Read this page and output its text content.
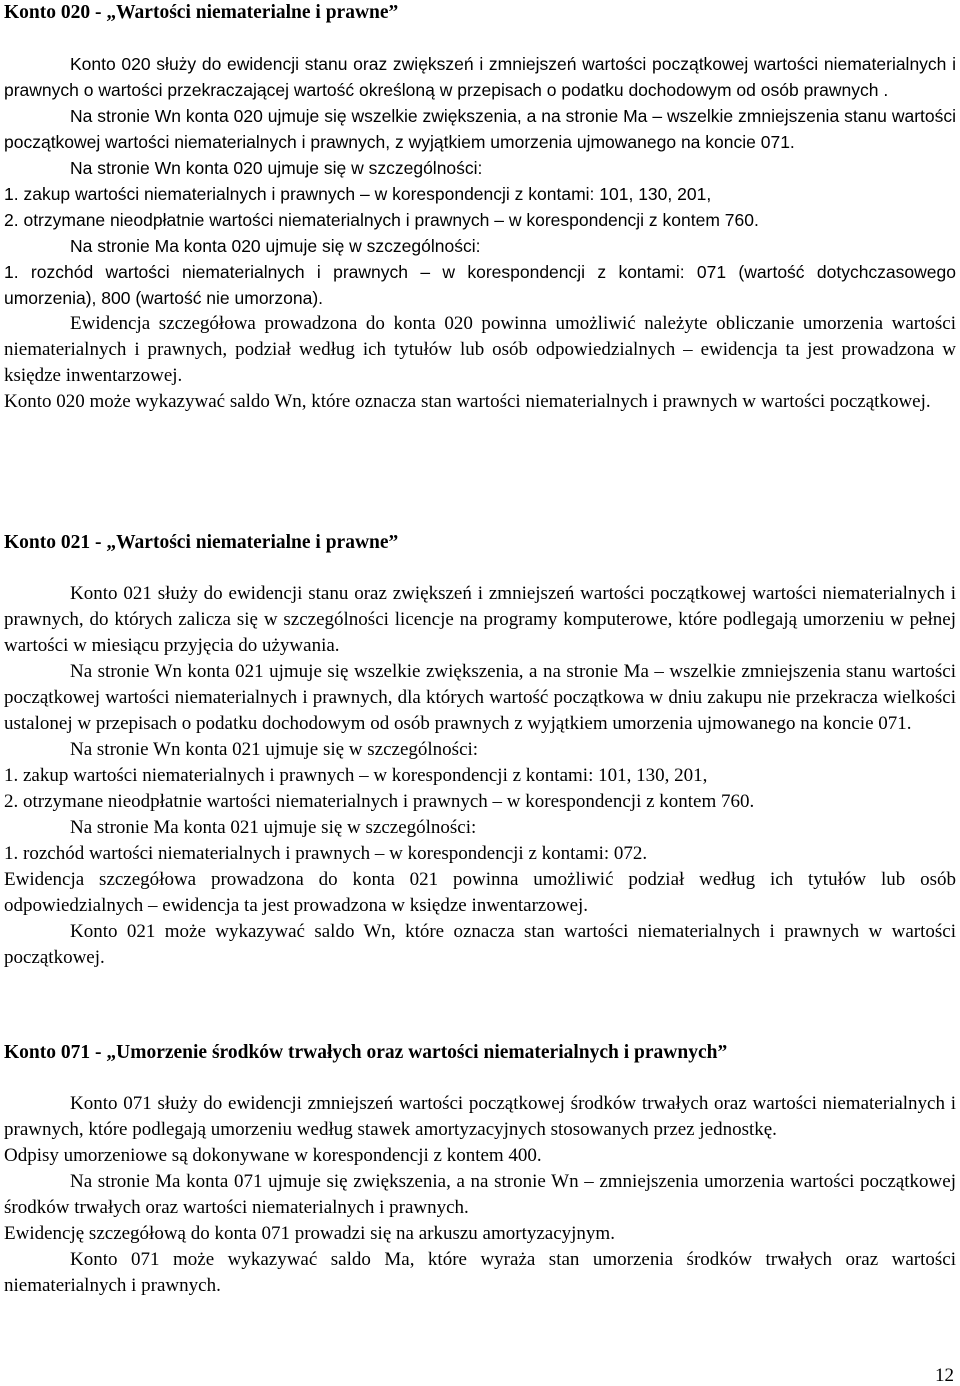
Konto 020 - „Wartości niematerialne i prawne”

Konto 020 służy do ewidencji stanu oraz zwiększeń i zmniejszeń wartości początkowej wartości niematerialnych i prawnych o wartości przekraczającej wartość określoną w przepisach o podatku dochodowym od osób prawnych .

Na stronie Wn konta 020 ujmuje się wszelkie zwiększenia, a na stronie Ma – wszelkie zmniejszenia stanu wartości początkowej wartości niematerialnych i prawnych, z wyjątkiem umorzenia ujmowanego na koncie 071.

Na stronie Wn konta 020 ujmuje się w szczególności:

1. zakup wartości niematerialnych i prawnych – w korespondencji z kontami: 101, 130, 201,

2. otrzymane nieodpłatnie wartości niematerialnych i prawnych – w korespondencji z kontem 760.

Na stronie Ma konta 020 ujmuje się w szczególności:

1. rozchód wartości niematerialnych i prawnych – w korespondencji z kontami: 071 (wartość dotychczasowego umorzenia), 800 (wartość nie umorzona).

Ewidencja szczegółowa prowadzona do konta 020 powinna umożliwić należyte obliczanie umorzenia wartości niematerialnych i prawnych, podział według ich tytułów lub osób odpowiedzialnych – ewidencja ta jest prowadzona w księdze inwentarzowej.

Konto 020 może wykazywać saldo Wn, które oznacza stan wartości niematerialnych i prawnych w wartości początkowej.

Konto 021 - „Wartości niematerialne i prawne”

Konto 021 służy do ewidencji stanu oraz zwiększeń i zmniejszeń wartości początkowej wartości niematerialnych i prawnych, do których zalicza się w szczególności licencje na programy komputerowe, które podlegają umorzeniu w pełnej wartości w miesiącu przyjęcia do używania.

Na stronie Wn konta 021 ujmuje się wszelkie zwiększenia, a na stronie Ma – wszelkie zmniejszenia stanu wartości początkowej wartości niematerialnych i prawnych, dla których wartość początkowa w dniu zakupu nie przekracza wielkości ustalonej w przepisach o podatku dochodowym od osób prawnych z wyjątkiem umorzenia ujmowanego na koncie 071.

Na stronie Wn konta 021 ujmuje się w szczególności:

1. zakup wartości niematerialnych i prawnych – w korespondencji z kontami: 101, 130, 201,

2. otrzymane nieodpłatnie wartości niematerialnych i prawnych – w korespondencji z kontem 760.

Na stronie Ma konta 021 ujmuje się w szczególności:

1. rozchód wartości niematerialnych i prawnych – w korespondencji z kontami: 072.

Ewidencja szczegółowa prowadzona do konta 021 powinna umożliwić podział według ich tytułów lub osób odpowiedzialnych – ewidencja ta jest prowadzona w księdze inwentarzowej.

Konto 021 może wykazywać saldo Wn, które oznacza stan wartości niematerialnych i prawnych w wartości początkowej.

Konto 071 - „Umorzenie środków trwałych oraz wartości niematerialnych i prawnych”

Konto 071 służy do ewidencji zmniejszeń wartości początkowej środków trwałych oraz wartości niematerialnych i prawnych, które podlegają umorzeniu według stawek amortyzacyjnych stosowanych przez jednostkę.

Odpisy umorzeniowe są dokonywane w korespondencji z kontem 400.

Na stronie Ma konta 071 ujmuje się zwiększenia, a na stronie Wn – zmniejszenia umorzenia wartości początkowej środków trwałych oraz wartości niematerialnych i prawnych.

Ewidencję szczegółową do konta 071 prowadzi się na arkuszu amortyzacyjnym.

Konto 071 może wykazywać saldo Ma, które wyraża stan umorzenia środków trwałych oraz wartości niematerialnych i prawnych.

12
